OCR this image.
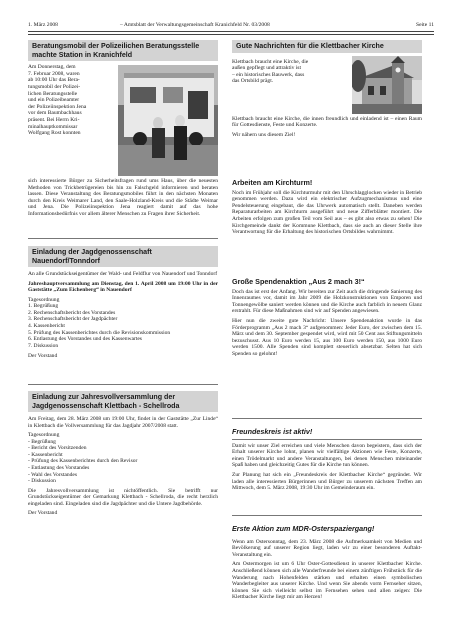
1. März 2008	– Amtsblatt der Verwaltungsgemeinschaft Kranichfeld Nr. 03/2008	Seite 11
Beratungsmobil der Polizeilichen Beratungsstelle machte Station in Kranichfeld
Am Donnerstag, dem
7. Februar 2008, waren
ab 10:00 Uhr das Bera-
tungsmobil der Polizei-
lichen Beratungsstelle
und ein Polizeibeamter
der Polizeiinspektion Jena
vor dem Baumbachhaus
präsent. Bei Herrn Kri-
minalhauptkommissar
Wolfgang Rost konnten

sich interessierte Bürger zu Sicherheitsfragen rund ums Haus, über die neuesten Methoden von Trickbetrügereien bis hin zu Falschgeld informieren und beraten lassen. Diese Veranstaltung des Beratungsmobiles führt in den nächsten Monaten durch den Kreis Weimarer Land, den Saale-Holzland-Kreis und die Städte Weimar und Jena. Die Polizeiinspektion Jena reagiert damit auf das hohe Informationsbedürfnis vor allem älterer Menschen zu Fragen ihrer Sicherheit.

Einladung der Jagdgenossenschaft Nauendorf/Tonndorf

An alle Grundstückseigentümer der Wald- und Feldflur von Nauendorf und Tonndorf

Jahreshauptversammlung am Dienstag, den 1. April 2008 um 19:00 Uhr in der Gaststätte „Zum Eichenberg“ in Nauendorf

Tagesordnung
1. Begrüßung
2. Rechenschaftsbericht des Vorstandes
3. Rechenschaftsbericht der Jagdpächter
4. Kassenbericht
5. Prüfung des Kassenberichtes durch die Revisionskommission
6. Entlastung des Vorstandes und des Kassenwartes
7. Diskussion
Der Vorstand
Einladung zur Jahresvollversammlung der Jagdgenossenschaft Klettbach - Schellroda

Am Freitag, dem 28. März 2008 um 19:00 Uhr, findet in der Gaststätte „Zur Linde“ in Klettbach die Vollversammlung für das Jagdjahr 2007/2008 statt.

Tagesordnung
- Begrüßung
- Bericht des Vorsitzenden
- Kassenbericht
- Prüfung des Kassenberichtes durch den Revisor
- Entlastung des Vorstandes
- Wahl des Vorstandes
- Diskussion

Die Jahresvollversammlung ist nichtöffentlich. Sie betrifft nur Grundstückseigentümer der Gemarkung Klettbach - Schellroda, die recht herzlich eingeladen sind. Eingeladen sind die Jagdpächter und die Untere Jagdbehörde.

Der Vorstand
Gute Nachrichten für die Klettbacher Kirche
Klettbach braucht eine Kirche, die
außen gepflegt und attraktiv ist
– ein historisches Bauwerk, dass
das Ortsbild prägt.

Klettbach braucht eine Kirche, die innen freundlich und einladend ist – einen Raum für Gottesdienste, Feste und Konzerte.

Wir nähern uns diesem Ziel!

Arbeiten am Kirchturm!

Noch im Frühjahr soll die Kirchturmuhr mit den Uhrschlagglocken wieder in Betrieb genommen werden. Dazu wird ein elektrischer Aufzugmechanismus und eine Pendelsteuerung eingebaut, die das Uhrwerk automatisch stellt. Daneben werden Reparaturarbeiten am Kirchturm ausgeführt und neue Zifferblätter montiert. Die Arbeiten erfolgen zum großen Teil vom Seil aus – es gibt also etwas zu sehen! Die Kirchgemeinde dankt der Kommune Klettbach, dass sie auch an dieser Stelle ihre Verantwortung für die Erhaltung des historischen Ortsbildes wahrnimmt.

Große Spendenaktion „Aus 2 mach 3!“

Doch das ist erst der Anfang. Wir bereiten zur Zeit auch die dringende Sanierung des Innenraumes vor, damit im Jahr 2009 die Holzkonstruktionen von Emporen und Tonnengewölbe saniert werden können und die Kirche auch farblich in neuem Glanz erstrahlt. Für diese Maßnahmen sind wir auf Spenden angewiesen.

Hier nun die zweite gute Nachricht: Unsere Spendenaktion wurde in das Förderprogramm „Aus 2 mach 3“ aufgenommen: Jeder Euro, der zwischen dem 15. März und dem 30. September gespendet wird, wird mit 50 Cent aus Stiftungsmitteln bezuschusst. Aus 10 Euro werden 15, aus 100 Euro werden 150, aus 1000 Euro werden 1500. Alle Spenden sind komplett steuerlich absetzbar. Selten hat sich Spenden so gelohnt!

Freundeskreis ist aktiv!

Damit wir unser Ziel erreichen und viele Menschen davon begeistern, dass sich der Erhalt unserer Kirche lohnt, planen wir vielfältige Aktionen wie Feste, Konzerte, einen Trödelmarkt und andere Veranstaltungen, bei denen Menschen miteinander Spaß haben und gleichzeitig Gutes für die Kirche tun können.

Zur Planung hat sich ein „Freundeskreis der Klettbacher Kirche“ gegründet. Wir laden alle interessierten Bürgerinnen und Bürger zu unserem nächsten Treffen am Mittwoch, dem 5. März 2008, 19:30 Uhr im Gemeinderaum ein.

Erste Aktion zum MDR-Osterspaziergang!

Wenn am Ostersonntag, dem 23. März 2008 die Aufmerksamkeit von Medien und Bevölkerung auf unserer Region liegt, laden wir zu einer besonderen Auftakt-Veranstaltung ein.

Am Ostermorgen ist um 6 Uhr Oster-Gottesdienst in unserer Klettbacher Kirche. Anschließend können sich alle Wanderfreunde bei einem zünftigen Frühstück für die Wanderung nach Hohenfelden stärken und erhalten einen symbolischen Wanderbegleiter aus unserer Kirche. Und wenn Sie abends vorm Fernseher sitzen, können Sie sich vielleicht selbst im Fernsehen sehen und allen zeigen: Die Klettbacher Kirche liegt mir am Herzen!
